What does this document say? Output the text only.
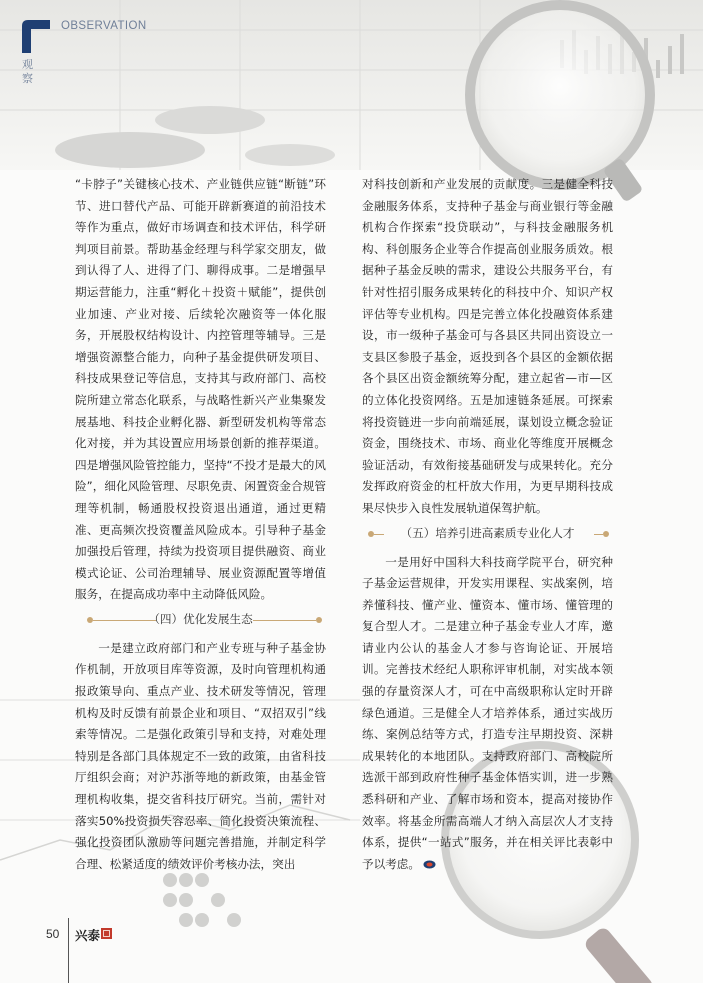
OBSERVATION
观察

“卡脖子”关键核心技术、产业链供应链“断链”环节、进口替代产品、可能开辟新赛道的前沿技术等作为重点，做好市场调查和技术评估，科学研判项目前景。帮助基金经理与科学家交朋友，做到认得了人、进得了门、聊得成事。二是增强早期运营能力，注重“孵化＋投资＋赋能”，提供创业加速、产业对接、后续轮次融资等一体化服务，开展股权结构设计、内控管理等辅导。三是增强资源整合能力，向种子基金提供研发项目、科技成果登记等信息，支持其与政府部门、高校院所建立常态化联系，与战略性新兴产业集聚发展基地、科技企业孵化器、新型研发机构等常态化对接，并为其设置应用场景创新的推荐渠道。四是增强风险管控能力，坚持“不投才是最大的风险”，细化风险管理、尽职免责、闲置资金合规管理等机制，畅通股权投资退出通道，通过更精准、更高频次投资覆盖风险成本。引导种子基金加强投后管理，持续为投资项目提供融资、商业模式论证、公司治理辅导、展业资源配置等增值服务，在提高成功率中主动降低风险。

（四）优化发展生态

一是建立政府部门和产业专班与种子基金协作机制，开放项目库等资源，及时向管理机构通报政策导向、重点产业、技术研发等情况，管理机构及时反馈有前景企业和项目、“双招双引”线索等情况。二是强化政策引导和支持，对难处理特别是各部门具体规定不一致的政策，由省科技厅组织会商；对沪苏浙等地的新政策，由基金管理机构收集，提交省科技厅研究。当前，需针对落实50%投资损失容忍率、简化投资决策流程、强化投资团队激励等问题完善措施，并制定科学合理、松紧适度的绩效评价考核办法，突出

对科技创新和产业发展的贡献度。三是健全科技金融服务体系，支持种子基金与商业银行等金融机构合作探索“投贷联动”，与科技金融服务机构、科创服务企业等合作提高创业服务质效。根据种子基金反映的需求，建设公共服务平台，有针对性招引服务成果转化的科技中介、知识产权评估等专业机构。四是完善立体化投融资体系建设，市一级种子基金可与各县区共同出资设立一支县区参股子基金，返投到各个县区的金额依据各个县区出资金额统筹分配，建立起省—市—区的立体化投资网络。五是加速链条延展。可探索将投资链进一步向前端延展，谋划设立概念验证资金，围绕技术、市场、商业化等维度开展概念验证活动，有效衔接基础研发与成果转化。充分发挥政府资金的杠杆放大作用，为更早期科技成果尽快步入良性发展轨道保驾护航。

（五）培养引进高素质专业化人才

一是用好中国科大科技商学院平台，研究种子基金运营规律，开发实用课程、实战案例，培养懂科技、懂产业、懂资本、懂市场、懂管理的复合型人才。二是建立种子基金专业人才库，邀请业内公认的基金人才参与咨询论证、开展培训。完善技术经纪人职称评审机制，对实战本领强的存量资深人才，可在中高级职称认定时开辟绿色通道。三是健全人才培养体系，通过实战历练、案例总结等方式，打造专注早期投资、深耕成果转化的本地团队。支持政府部门、高校院所选派干部到政府性种子基金体悟实训，进一步熟悉科研和产业、了解市场和资本，提高对接协作效率。将基金所需高端人才纳入高层次人才支持体系，提供“一站式”服务，并在相关评比表彰中予以考虑。

50 兴泰
